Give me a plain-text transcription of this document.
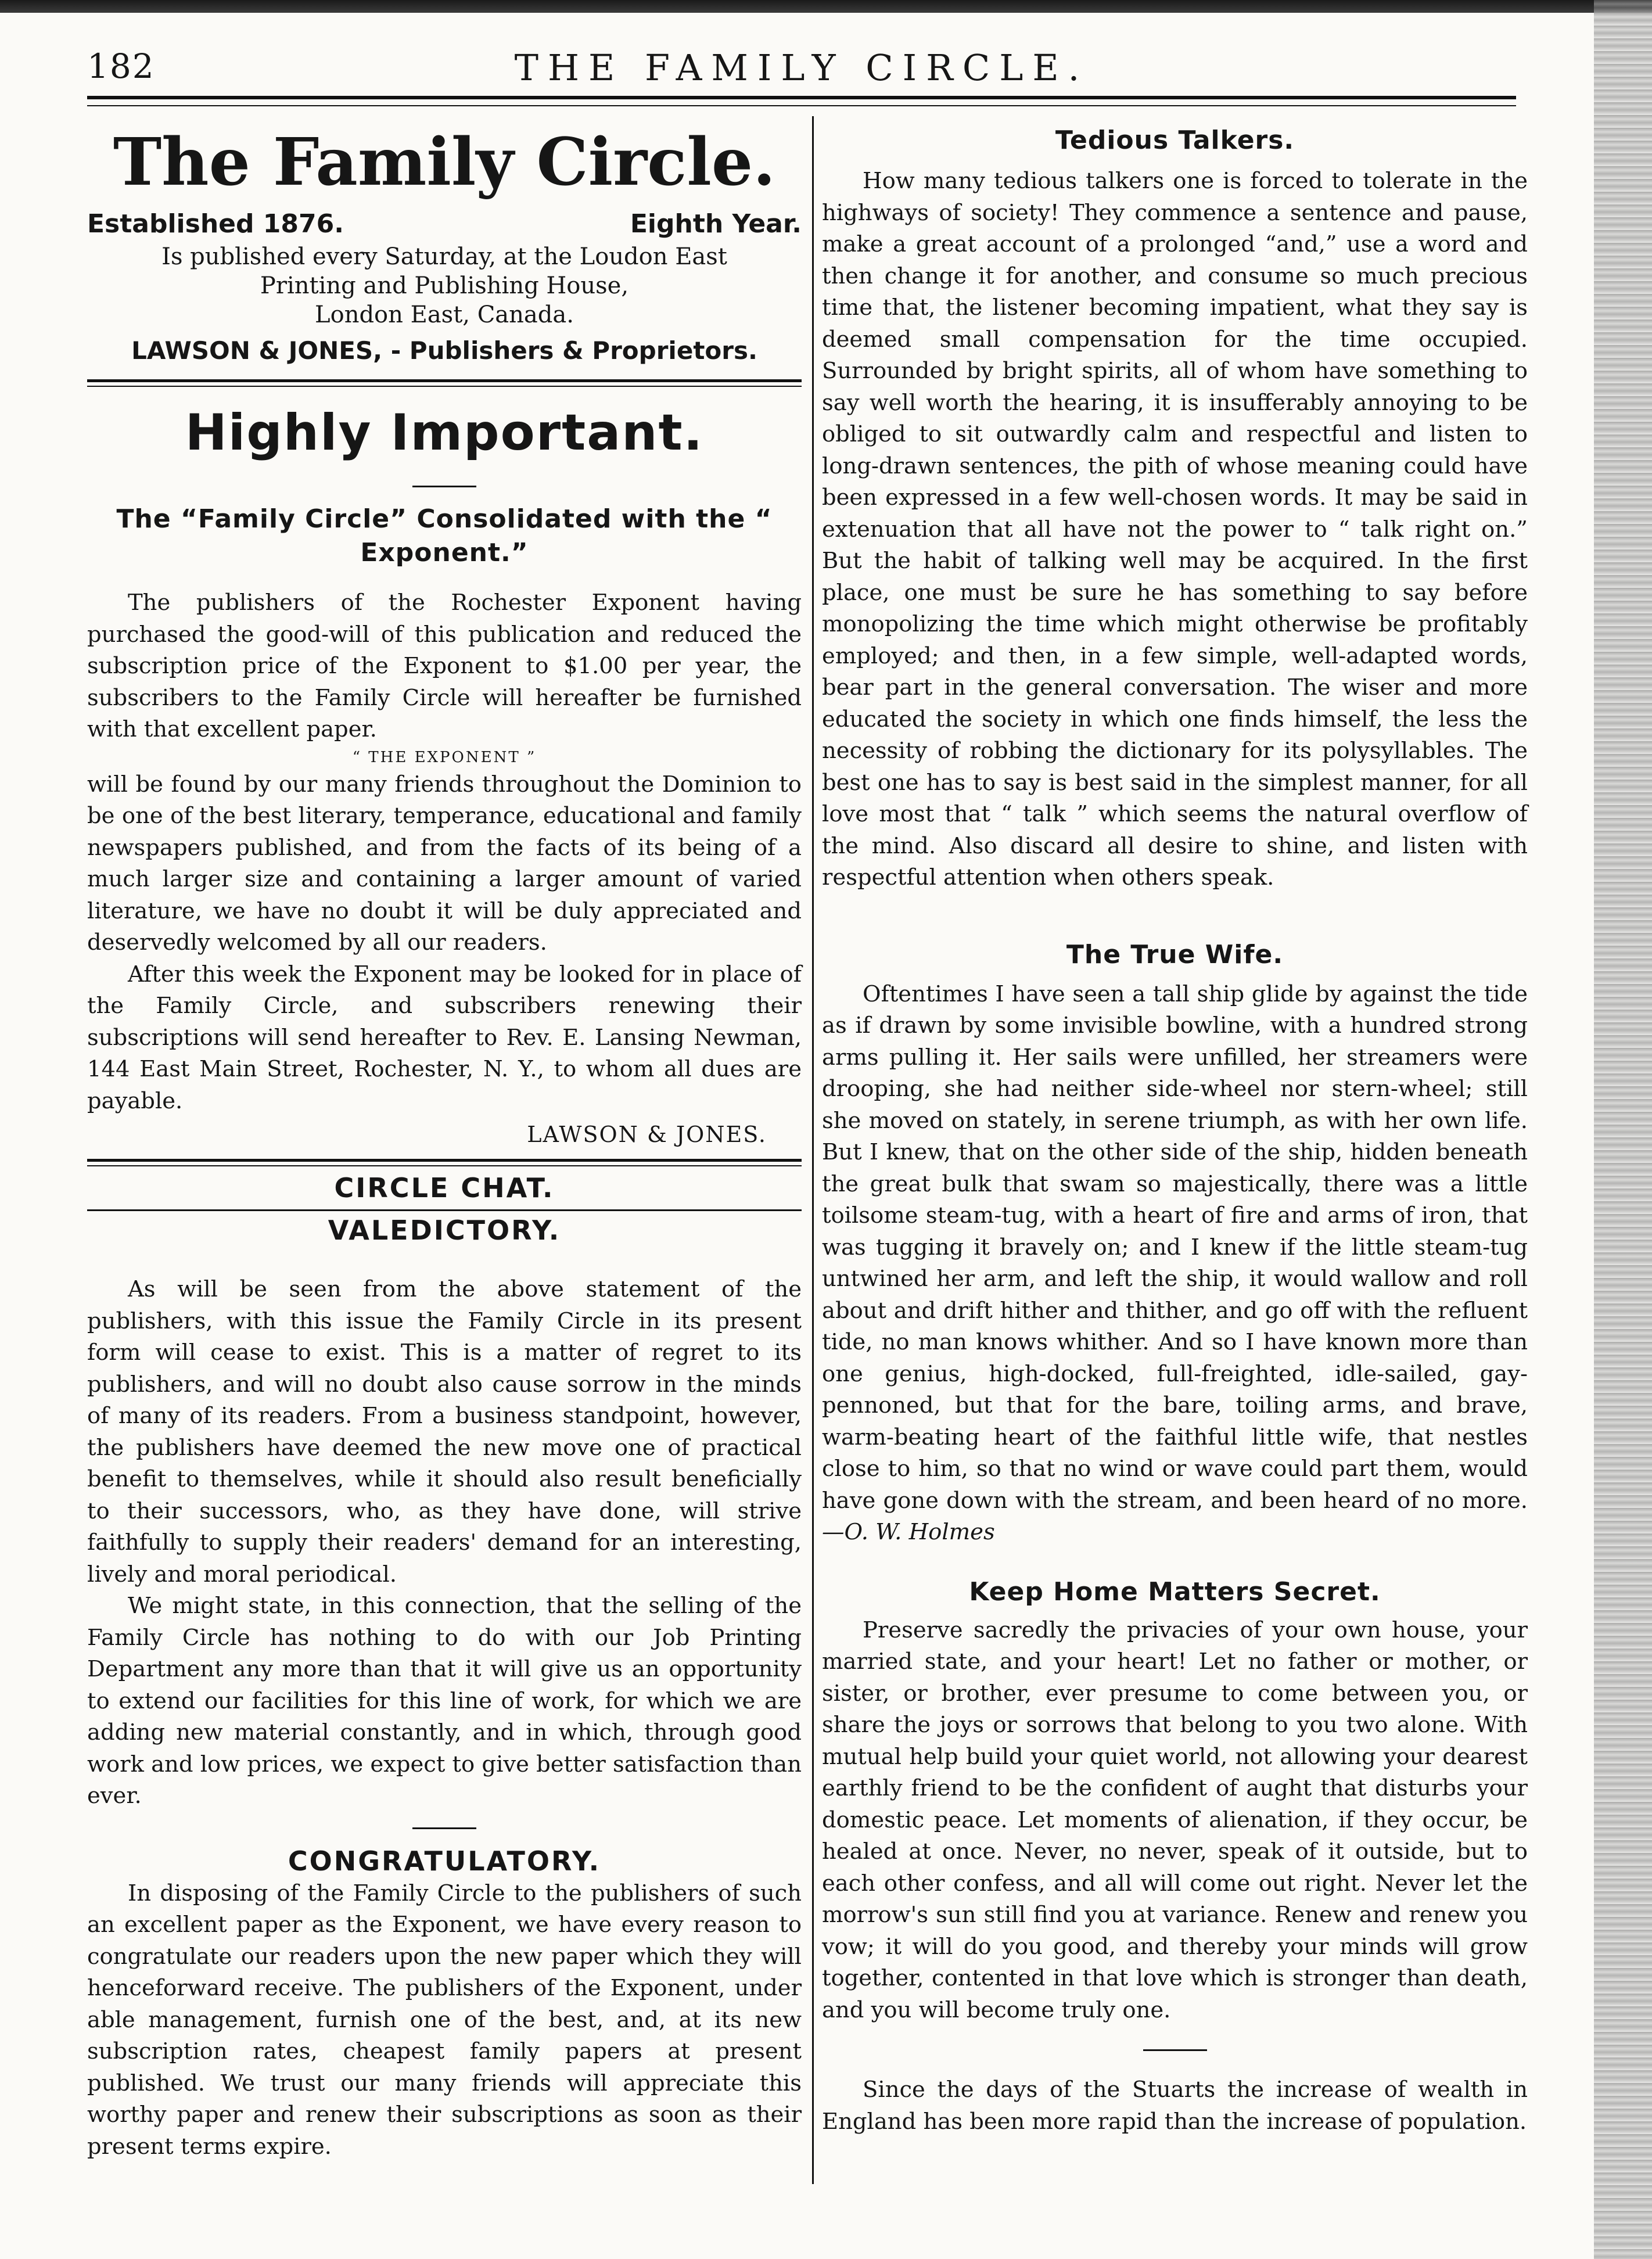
182	THE FAMILY CIRCLE.
The Family Circle.
Established 1876.	Eighth Year.

Is published every Saturday, at the Loudon East

Printing and Publishing House,

London East, Canada.

LAWSON & JONES, - Publishers & Proprietors.

Highly Important.
The “Family Circle” Consolidated with the “ Exponent.”

The publishers of the Rochester Exponent having purchased the good-will of this publication and reduced the subscription price of the Exponent to $1.00 per year, the subscribers to the Family Circle will hereafter be furnished with that excellent paper.

“ THE EXPONENT ”

will be found by our many friends throughout the Dominion to be one of the best literary, temperance, educational and family newspapers published, and from the facts of its being of a much larger size and containing a larger amount of varied literature, we have no doubt it will be duly appreciated and deservedly welcomed by all our readers.

After this week the Exponent may be looked for in place of the Family Circle, and subscribers renewing their subscriptions will send hereafter to Rev. E. Lansing Newman, 144 East Main Street, Rochester, N. Y., to whom all dues are payable.

LAWSON & JONES.

CIRCLE CHAT.
VALEDICTORY.

As will be seen from the above statement of the publishers, with this issue the Family Circle in its present form will cease to exist. This is a matter of regret to its publishers, and will no doubt also cause sorrow in the minds of many of its readers. From a business standpoint, however, the publishers have deemed the new move one of practical benefit to themselves, while it should also result beneficially to their successors, who, as they have done, will strive faithfully to supply their readers' demand for an interesting, lively and moral periodical.

We might state, in this connection, that the selling of the Family Circle has nothing to do with our Job Printing Department any more than that it will give us an opportunity to extend our facilities for this line of work, for which we are adding new material constantly, and in which, through good work and low prices, we expect to give better satisfaction than ever.

CONGRATULATORY.

In disposing of the Family Circle to the publishers of such an excellent paper as the Exponent, we have every reason to congratulate our readers upon the new paper which they will henceforward receive. The publishers of the Exponent, under able management, furnish one of the best, and, at its new subscription rates, cheapest family papers at present published. We trust our many friends will appreciate this worthy paper and renew their subscriptions as soon as their present terms expire.

Tedious Talkers.

How many tedious talkers one is forced to tolerate in the highways of society! They commence a sentence and pause, make a great account of a prolonged “and,” use a word and then change it for another, and consume so much precious time that, the listener becoming impatient, what they say is deemed small compensation for the time occupied. Surrounded by bright spirits, all of whom have something to say well worth the hearing, it is insufferably annoying to be obliged to sit outwardly calm and respectful and listen to long-drawn sentences, the pith of whose meaning could have been expressed in a few well-chosen words. It may be said in extenuation that all have not the power to “ talk right on.” But the habit of talking well may be acquired. In the first place, one must be sure he has something to say before monopolizing the time which might otherwise be profitably employed; and then, in a few simple, well-adapted words, bear part in the general conversation. The wiser and more educated the society in which one finds himself, the less the necessity of robbing the dictionary for its polysyllables. The best one has to say is best said in the simplest manner, for all love most that “ talk ” which seems the natural overflow of the mind. Also discard all desire to shine, and listen with respectful attention when others speak.

The True Wife.

Oftentimes I have seen a tall ship glide by against the tide as if drawn by some invisible bowline, with a hundred strong arms pulling it. Her sails were unfilled, her streamers were drooping, she had neither side-wheel nor stern-wheel; still she moved on stately, in serene triumph, as with her own life. But I knew, that on the other side of the ship, hidden beneath the great bulk that swam so majestically, there was a little toilsome steam-tug, with a heart of fire and arms of iron, that was tugging it bravely on; and I knew if the little steam-tug untwined her arm, and left the ship, it would wallow and roll about and drift hither and thither, and go off with the refluent tide, no man knows whither. And so I have known more than one genius, high-docked, full-freighted, idle-sailed, gay-pennoned, but that for the bare, toiling arms, and brave, warm-beating heart of the faithful little wife, that nestles close to him, so that no wind or wave could part them, would have gone down with the stream, and been heard of no more.—O. W. Holmes

Keep Home Matters Secret.

Preserve sacredly the privacies of your own house, your married state, and your heart! Let no father or mother, or sister, or brother, ever presume to come between you, or share the joys or sorrows that belong to you two alone. With mutual help build your quiet world, not allowing your dearest earthly friend to be the confident of aught that disturbs your domestic peace. Let moments of alienation, if they occur, be healed at once. Never, no never, speak of it outside, but to each other confess, and all will come out right. Never let the morrow's sun still find you at variance. Renew and renew you vow; it will do you good, and thereby your minds will grow together, contented in that love which is stronger than death, and you will become truly one.

Since the days of the Stuarts the increase of wealth in England has been more rapid than the increase of population.
